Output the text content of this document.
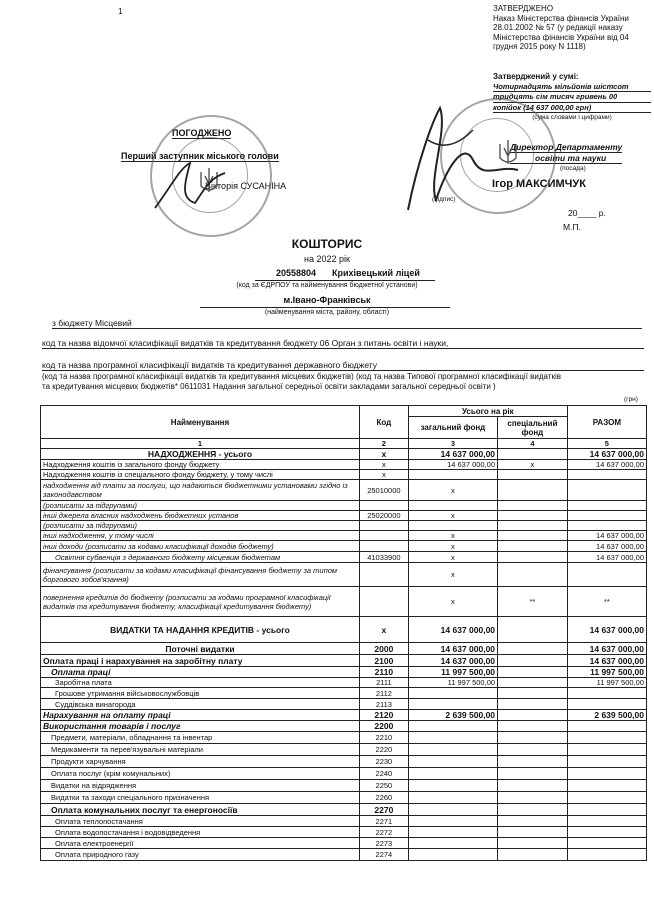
1	ЗАТВЕРДЖЕНО
Наказ Міністерства фінансів України
28.01.2002 № 57 (у редакції наказу
Міністерства фінансів України від 04
грудня 2015 року N 1118)
Затверджений у сумі:
Чотирнадцять мільйонів шістсот
тридцять сім тисяч гривень 00
копійок (14 637 000,00 грн)
(сума словами і цифрами)
Директор Департаменту
освіти та науки
(посада)
Ігор МАКСИМЧУК
(підпис)
20____ р.
М.П.
ПОГОДЖЕНО
Перший заступник міського голови
Вікторія СУСАНІНА
КОШТОРИС
на 2022 рік
20558804 Крихівецький ліцей
(код за ЄДРПОУ та найменування бюджетної установи)
м.Івано-Франківськ
(найменування міста, району, області)
з бюджету Місцевий
код та назва відомчої класифікації видатків та кредитування бюджету 06 Орган з питань освіти і науки,
код та назва програмної класифікації видатків та кредитування державного бюджету
(код та назва програмної класифікації видатків та кредитування місцевих бюджетів) (код та назва Типової програмної класифікації видатків
та кредитування місцевих бюджетів* 0611031 Надання загальної середньої освіти закладами загальної середньої освіти )
(грн)
Найменування	Код	Усього на рік		РАЗОМ
		загальний фонд	спеціальний фонд	
1	2	3	4	5
НАДХОДЖЕННЯ - усього	х	14 637 000,00		14 637 000,00
Надходження коштів із загального фонду бюджету	х	14 637 000,00	х	14 637 000,00
Надходження коштів із спеціального фонду бюджету, у тому числі	х			
надходження від плати за послуги, що надаються бюджетними установами згідно із законодавством	25010000	х		
(розписати за підгрупами)				
інші джерела власних надходжень бюджетних установ	25020000	х		
(розписати за підгрупами)				
інші надходження, у тому числі		х		14 637 000,00
інші доходи (розписати за кодами класифікації доходів бюджету)		х		14 637 000,00
Освітня субвенція з державного бюджету місцевим бюджетам	41033900	х		14 637 000,00
фінансування (розписати за кодами класифікації фінансування бюджету за типом боргового зобов'язання)		х		
повернення кредитів до бюджету (розписати за кодами програмної класифікації видатків та кредитування бюджету, класифікації кредитування бюджету)		х	**	**
ВИДАТКИ ТА НАДАННЯ КРЕДИТІВ - усього	х	14 637 000,00		14 637 000,00
Поточні видатки	2000	14 637 000,00		14 637 000,00
Оплата праці і нарахування на заробітну плату	2100	14 637 000,00		14 637 000,00
Оплата праці	2110	11 997 500,00		11 997 500,00
Заробітна плата	2111	11 997 500,00		11 997 500,00
Грошове утримання військовослужбовців	2112			
Суддівська винагорода	2113			
Нарахування на оплату праці	2120	2 639 500,00		2 639 500,00
Використання товарів і послуг	2200			
Предмети, матеріали, обладнання та інвентар	2210			
Медикаменти та перев'язувальні матеріали	2220			
Продукти харчування	2230			
Оплата послуг (крім комунальних)	2240			
Видатки на відрядження	2250			
Видатки та заходи спеціального призначення	2260			
Оплата комунальних послуг та енергоносіїв	2270			
Оплата теплопостачання	2271			
Оплата водопостачання і водовідведення	2272			
Оплата електроенергії	2273			
Оплата природного газу	2274			
